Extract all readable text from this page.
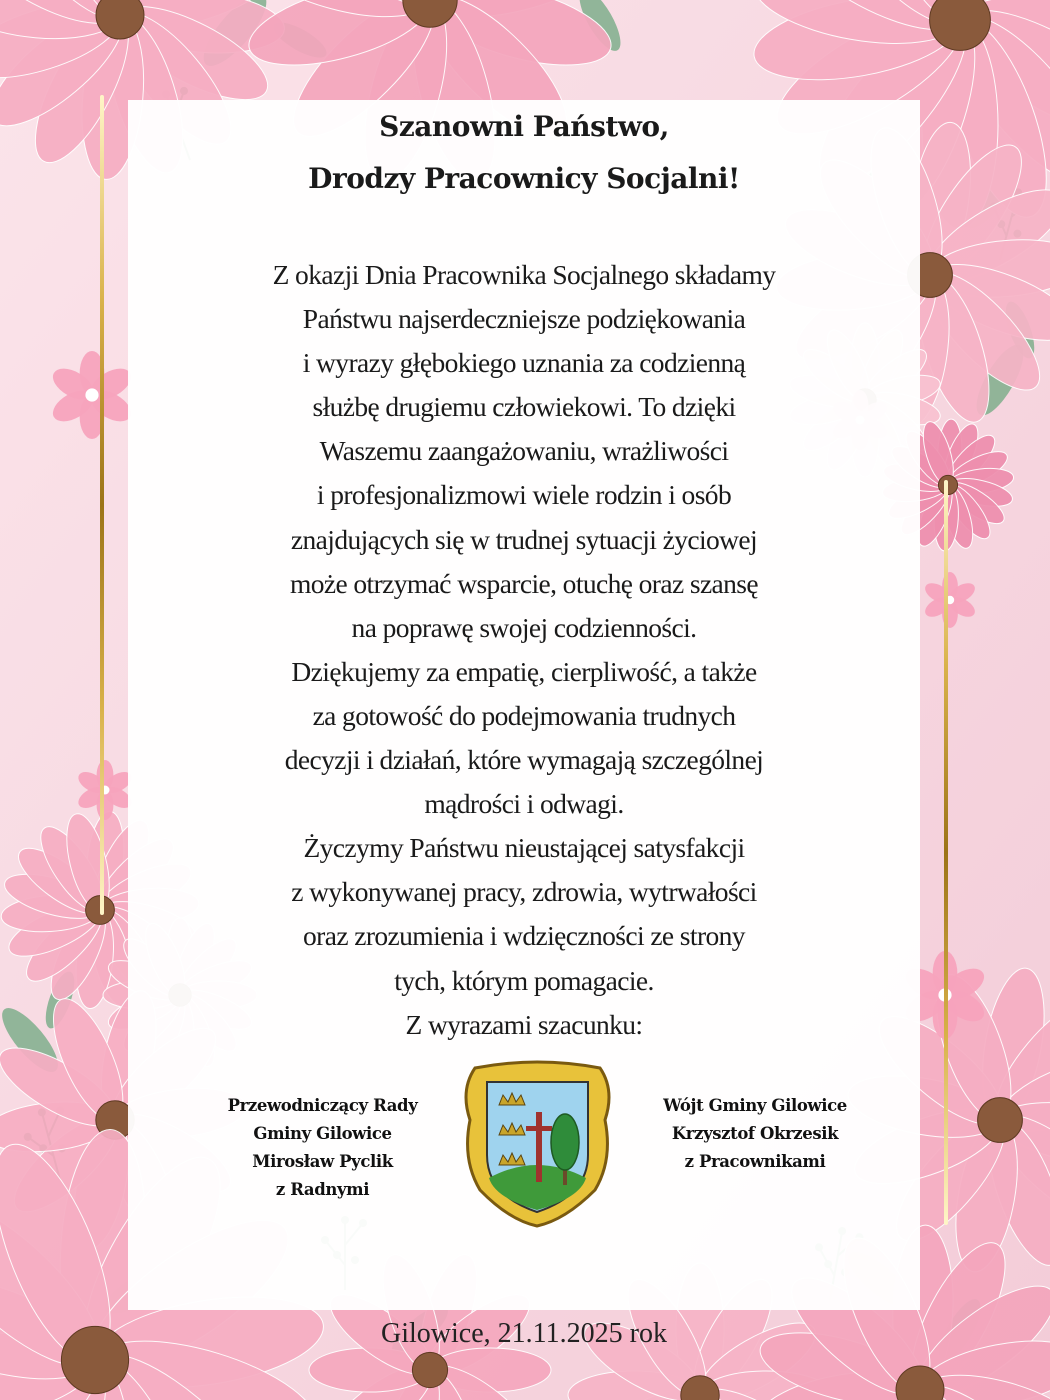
Szanowni Państwo,
Drodzy Pracownicy Socjalni!
Z okazji Dnia Pracownika Socjalnego składamy
Państwu najserdeczniejsze podziękowania
i wyrazy głębokiego uznania za codzienną
służbę drugiemu człowiekowi. To dzięki
Waszemu zaangażowaniu, wrażliwości
i profesjonalizmowi wiele rodzin i osób
znajdujących się w trudnej sytuacji życiowej
może otrzymać wsparcie, otuchę oraz szansę
na poprawę swojej codzienności.
Dziękujemy za empatię, cierpliwość, a także
za gotowość do podejmowania trudnych
decyzji i działań, które wymagają szczególnej
mądrości i odwagi.
Życzymy Państwu nieustającej satysfakcji
z wykonywanej pracy, zdrowia, wytrwałości
oraz zrozumienia i wdzięczności ze strony
tych, którym pomagacie.
Z wyrazami szacunku:
Przewodniczący Rady
Gminy Gilowice
Mirosław Pyclik
z Radnymi
Wójt Gminy Gilowice
Krzysztof Okrzesik
z Pracownikami
Gilowice, 21.11.2025 rok
